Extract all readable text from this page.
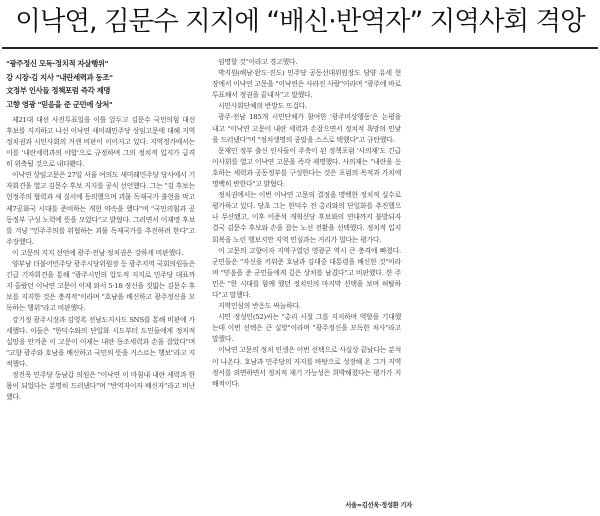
이낙연, 김문수 지지에 “배신·반역자” 지역사회 격앙
"광주정신 모독·정치적 자살행위"
강 시장·김 지사 "내란세력과 동조"
文정부 인사들 정책포럼 즉각 제명
고향 영광 "믿음을 준 군민에 상처"

제21대 대선 사전투표일을 이틀 앞두고 김문수 국민의힘 대선 후보를 지지하고 나선 이낙연 새미래민주당 상임고문에 대해 지역 정치권과 시민사회의 거센 비판이 이어지고 있다. 지역정가에서는 이를 '내란세력과의 야합'으로 규정하며 그의 정치적 입지가 급격히 위축될 것으로 내다봤다.

이낙연 상임고문은 27일 서울 여의도 새미래민주당 당사에서 기자회견을 열고 김문수 후보 지지를 공식 선언했다. 그는 "김 후보는 헌정주의 협력과 새 질서에 동의했으며 괴물 독재국가 출현을 막고 제7공화국 시대를 준비하는 개헌 약속을 했다"며 "국민의힘과 공동정부 구성 노력에 뜻을 모았다"고 밝혔다. 그러면서 이재명 후보를 겨냥 "민주주의를 위협하는 괴물 독재국가를 추진하려 한다"고 주장했다.

이 고문의 지지 선언에 광주·전남 정치권은 강하게 비판했다.

양부남 더불어민주당 광주시당위원장 등 광주지역 국회의원들은 긴급 기자회견을 통해 "광주시민의 압도적 지지로 민주당 대표까지 올랐던 이낙연 고문이 이제 와서 5·18 정신을 짓밟는 김문수 후보를 지지한 것은 충격적"이라며 "호남을 배신하고 광주정신을 모독하는 행위"라고 비판했다.

강기정 광주시장과 김영록 전남도지사도 SNS를 통해 비판에 가세했다. 이들은 "한덕수와의 단일화 시도부터 도민들에게 정치적 실망을 안겨준 이 고문이 이제는 내란 동조세력과 손을 잡았다"며 "고향 광주와 호남을 배신하고 국민의 뜻을 거스르는 행보"라고 지적했다.

정진욱 민주당 동남갑 의원은 "이낙연 이 마침내 내란 세력과 한 몸이 되었다는 분명히 드러냈다"며 "반역자이자 배신자"라고 비난했다.

임명할 것"이라고 경고했다.

박지원(해남·완도·진도) 민주당 공동선대위원장도 담양 유세 현장에서 이낙연 고문을 "이낙연은 사라진 사람"이라며 "광주에 바로 투표해서 정권을 끝내자"고 말했다.

시민사회단체의 반발도 뜨겁다.

광주·전남 185개 시민단체가 참여한 '광주비상행동'은 논평을 내고 "이낙연 고문이 내란 세력과 손잡으면서 정치적 욕망의 민낯을 드러냈다"며 "정치생명의 종말을 스스로 택했다"고 규탄했다.

문재인 정부 출신 인사들이 주축이 된 정책포럼 '사의재'도 긴급 이사회를 열고 이낙연 고문을 즉각 제명했다. 사의재는 "내란을 옹호하는 세력과 공동정부를 구성한다는 것은 포럼의 목적과 가치에 명백히 반한다"고 밝혔다.

정치권에서는 이번 이낙연 고문의 결정을 명백한 정치적 실수로 평가하고 있다. 당초 그는 한덕수 전 총리와의 단일화를 추진했으나 무산됐고, 이후 이준석 개혁신당 후보와의 연대까지 불발되자 결국 김문수 후보와 손을 잡는 노선 전환을 선택했다. 정치적 입지 회복을 노린 행보지만 지역 민심과는 거리가 멀다는 평가다.

이 고문의 고향이자 지역구였던 영광군 역시 큰 충격에 빠졌다. 군민들은 "자신을 키워준 호남과 김대중 대통령을 배신한 것"이라며 "믿음을 준 군민들에게 깊은 상처를 남겼다"고 비판했다. 한 주민은 "한 시대를 함께 했던 정치인의 마지막 선택을 보며 허탈하다"고 말했다.

지역민심의 반응도 싸늘하다.

시민 정성민(52)씨는 "총리 시절 그를 지지하며 역할을 기대했는데 이번 선택은 큰 실망"이라며 "광주정신을 모독한 처사"라고 말했다.

이낙연 고문의 정치 인생은 이번 선택으로 사실상 끝났다는 분석이 나온다. 호남과 민주당의 지지를 바탕으로 성장해 온 그가 지역 정서를 외면하면서 정치적 재기 가능성은 희박해졌다는 평가가 지배적이다.

서울=김선욱·정성환 기자
